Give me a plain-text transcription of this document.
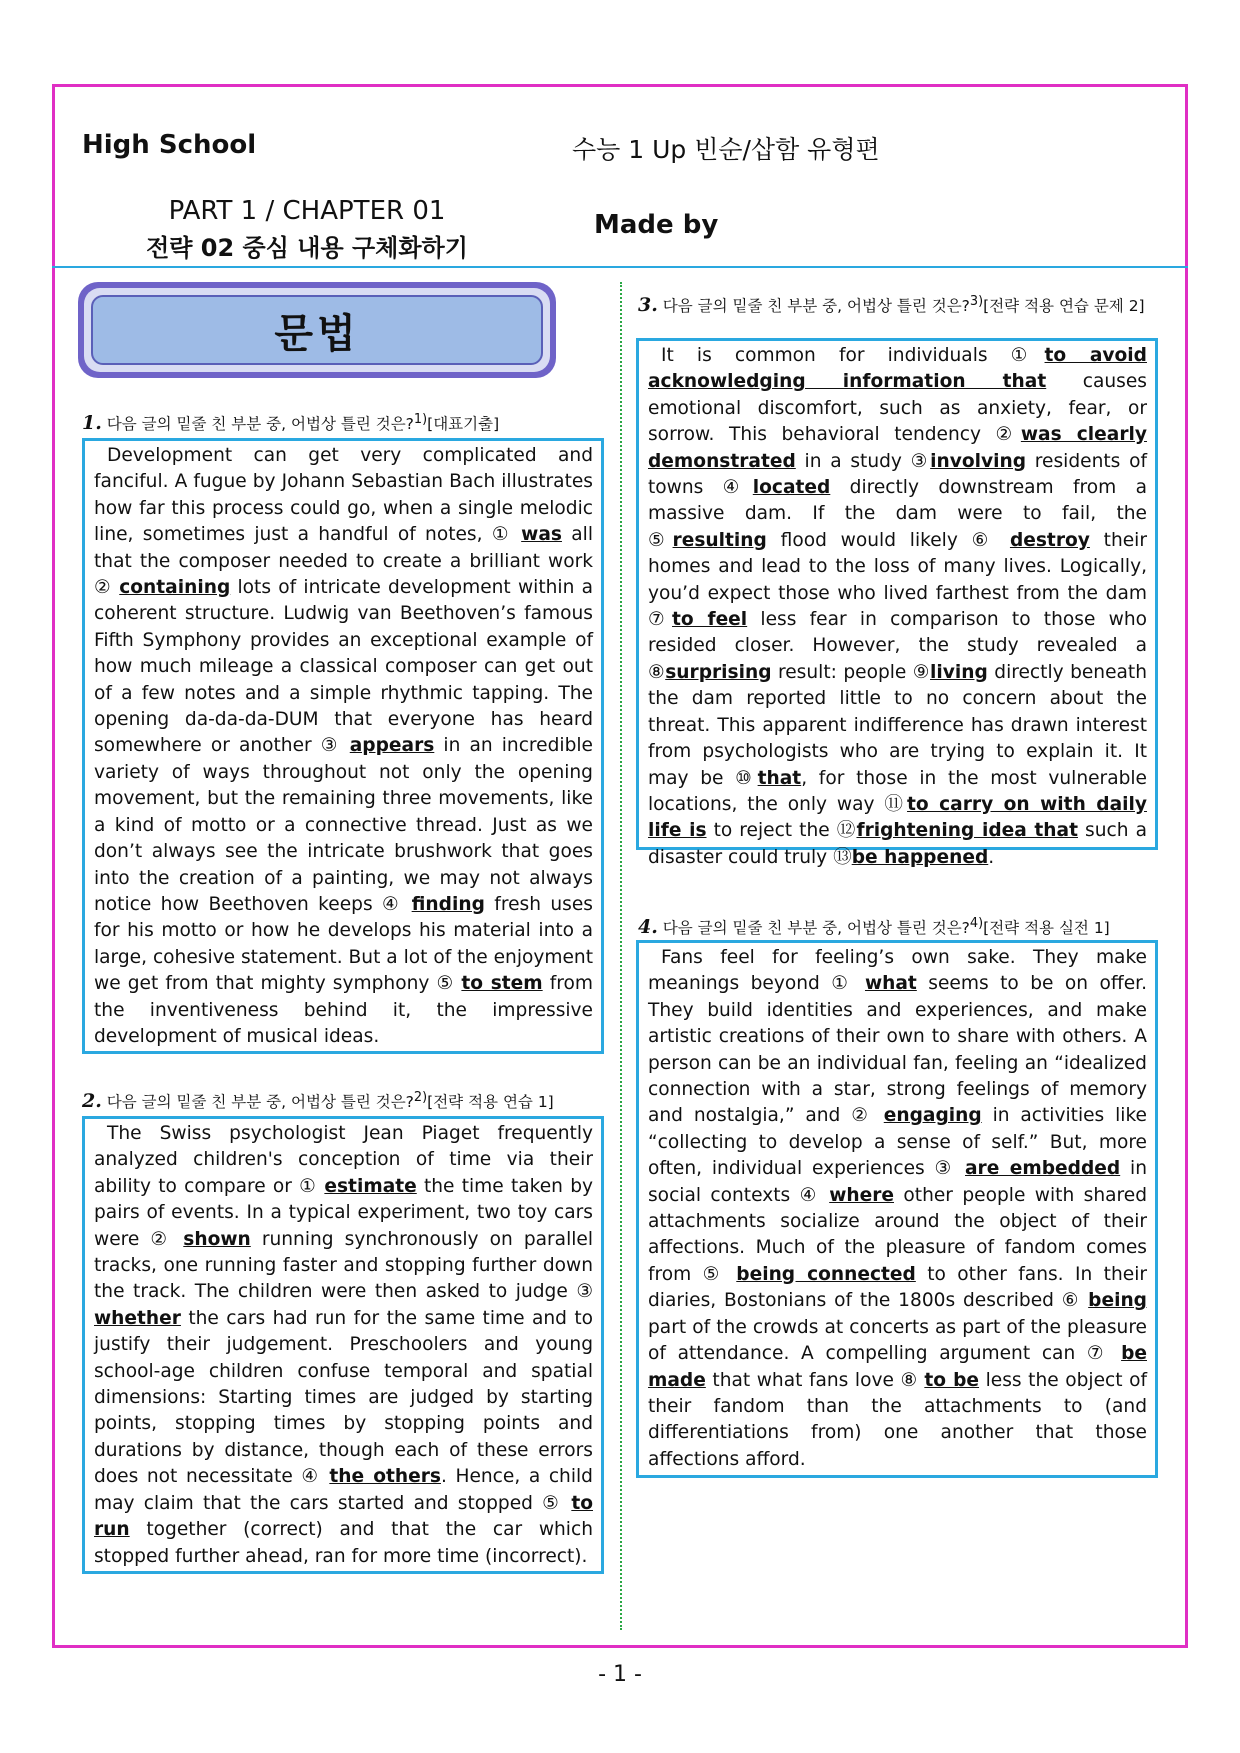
High School	수능 1 Up 빈순/삽함 유형편
PART 1 / CHAPTER 01
전략 02 중심 내용 구체화하기
Made by
문법
1. 다음 글의 밑줄 친 부분 중, 어법상 틀린 것은?$^{1)}$[대표기출]

Development can get very complicated and fanciful. A fugue by Johann Sebastian Bach illustrates how far this process could go, when a single melodic line, sometimes just a handful of notes, ① was all that the composer needed to create a brilliant work ② containing lots of intricate development within a coherent structure. Ludwig van Beethoven’s famous Fifth Symphony provides an exceptional example of how much mileage a classical composer can get out of a few notes and a simple rhythmic tapping. The opening da-da-da-DUM that everyone has heard somewhere or another ③ appears in an incredible variety of ways throughout not only the opening movement, but the remaining three movements, like a kind of motto or a connective thread. Just as we don’t always see the intricate brushwork that goes into the creation of a painting, we may not always notice how Beethoven keeps ④ finding fresh uses for his motto or how he develops his material into a large, cohesive statement. But a lot of the enjoyment we get from that mighty symphony ⑤ to stem from the inventiveness behind it, the impressive development of musical ideas.

2. 다음 글의 밑줄 친 부분 중, 어법상 틀린 것은?$^{2)}$[전략 적용 연습 1]

The Swiss psychologist Jean Piaget frequently analyzed children's conception of time via their ability to compare or ① estimate the time taken by pairs of events. In a typical experiment, two toy cars were ② shown running synchronously on parallel tracks, one running faster and stopping further down the track. The children were then asked to judge ③ whether the cars had run for the same time and to justify their judgement. Preschoolers and young school-age children confuse temporal and spatial dimensions: Starting times are judged by starting points, stopping times by stopping points and durations by distance, though each of these errors does not necessitate ④ the others. Hence, a child may claim that the cars started and stopped ⑤ to run together (correct) and that the car which stopped further ahead, ran for more time (incorrect).

3. 다음 글의 밑줄 친 부분 중, 어법상 틀린 것은?$^{3)}$[전략 적용 연습 문제 2]

It is common for individuals ①to avoid acknowledging information that causes emotional discomfort, such as anxiety, fear, or sorrow. This behavioral tendency ②was clearly demonstrated in a study ③involving residents of towns ④located directly downstream from a massive dam. If the dam were to fail, the ⑤resulting flood would likely ⑥ destroy their homes and lead to the loss of many lives. Logically, you’d expect those who lived farthest from the dam ⑦to feel less fear in comparison to those who resided closer. However, the study revealed a ⑧surprising result: people ⑨living directly beneath the dam reported little to no concern about the threat. This apparent indifference has drawn interest from psychologists who are trying to explain it. It may be ⑩that, for those in the most vulnerable locations, the only way ⑪to carry on with daily life is to reject the ⑫frightening idea that such a disaster could truly ⑬be happened.

4. 다음 글의 밑줄 친 부분 중, 어법상 틀린 것은?$^{4)}$[전략 적용 실전 1]

Fans feel for feeling’s own sake. They make meanings beyond ① what seems to be on offer. They build identities and experiences, and make artistic creations of their own to share with others. A person can be an individual fan, feeling an “idealized connection with a star, strong feelings of memory and nostalgia,” and ② engaging in activities like “collecting to develop a sense of self.” But, more often, individual experiences ③ are embedded in social contexts ④ where other people with shared attachments socialize around the object of their affections. Much of the pleasure of fandom comes from ⑤ being connected to other fans. In their diaries, Bostonians of the 1800s described ⑥ being part of the crowds at concerts as part of the pleasure of attendance. A compelling argument can ⑦ be made that what fans love ⑧ to be less the object of their fandom than the attachments to (and differentiations from) one another that those affections afford.

- 1 -
